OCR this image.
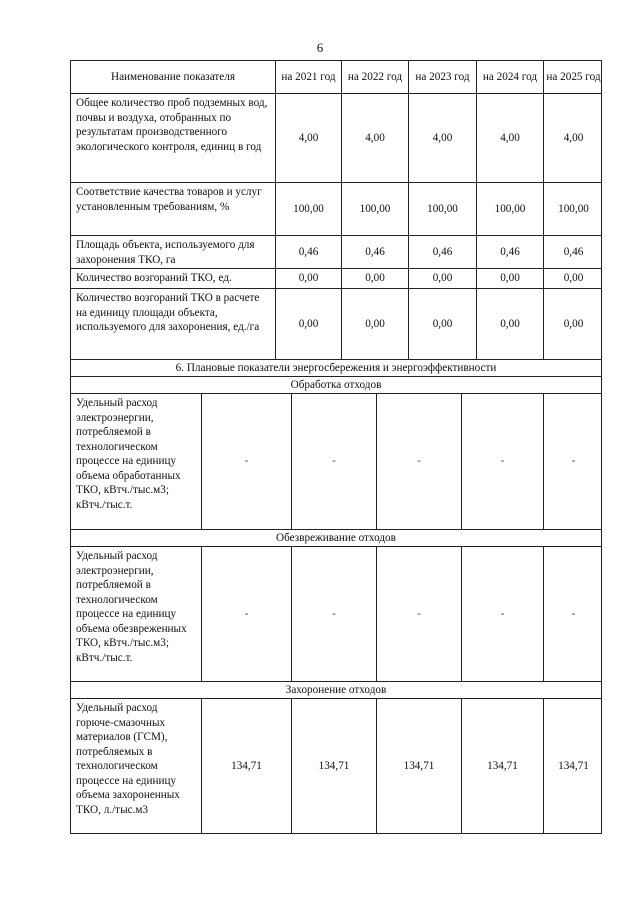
6
Наименование показателя	на 2021 год	на 2022 год	на 2023 год	на 2024 год на 2025 год
Общее количество проб подземных вод, почвы и воздуха, отобранных по результатам производственного экологического контроля, единиц в год
4,00	4,00	4,00	4,00	4,00
Соответствие качества товаров и услуг установленным требованиям, %	100,00	100,00	100,00	100,00	100,00
Площадь объекта, используемого для захоронения ТКО, га
0,46	0,46	0,46	0,46	0,46
Количество возгораний ТКО, ед.	0,00	0,00	0,00	0,00	0,00
Количество возгораний ТКО в расчете на единицу площади объекта, используемого для захоронения, ед./га	0,00	0,00	0,00	0,00	0,00
6. Плановые показатели энергосбережения и энергоэффективности
Обработка отходов
Удельный расход электроэнергии, потребляемой в технологическом процессе на единицу объема обработанных ТКО, кВтч./тыс.м3; кВтч./тыс.т.
-	-	-	-	-
Обезвреживание отходов
Удельный расход электроэнергии, потребляемой в технологическом процессе на единицу объема обезвреженных ТКО, кВтч./тыс.м3; кВтч./тыс.т.
-	-	-	-	-
Захоронение отходов
Удельный расход горюче-смазочных материалов (ГСМ), потребляемых в технологическом процессе на единицу объема захороненных ТКО, л./тыс.м3
134,71	134,71	134,71	134,71	134,71
